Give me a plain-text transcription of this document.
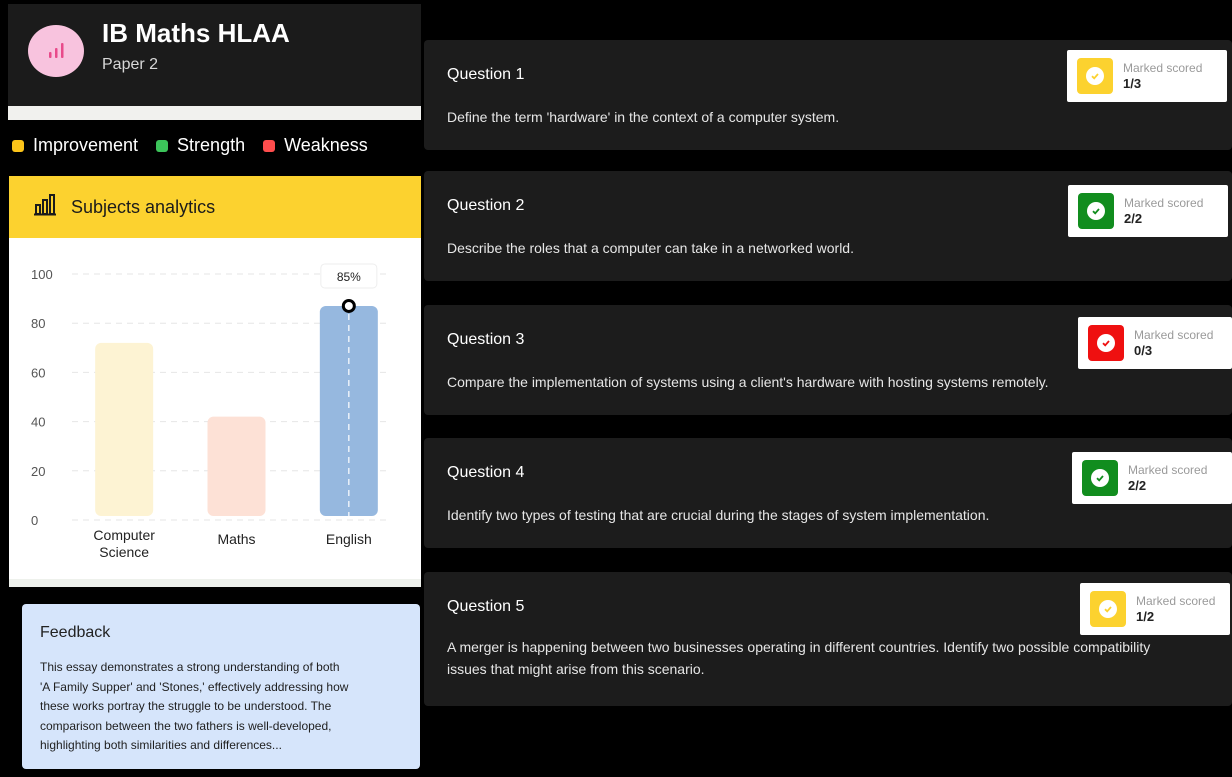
IB Maths HLAA
Paper 2
Improvement Strength Weakness
Subjects analytics
100
80
60
40
20
0
Computer
Science
Maths	English
85%
Feedback
This essay demonstrates a strong understanding of both
'A Family Supper' and 'Stones,' effectively addressing how
these works portray the struggle to be understood. The
comparison between the two fathers is well-developed,
highlighting both similarities and differences...
Question 1
Define the term 'hardware' in the context of a computer system.
Marked scored
1/3
Question 2
Describe the roles that a computer can take in a networked world.
Marked scored
2/2
Question 3
Compare the implementation of systems using a client's hardware with hosting systems remotely.
Marked scored
0/3
Question 4
Identify two types of testing that are crucial during the stages of system implementation.
Marked scored
2/2
Question 5
A merger is happening between two businesses operating in different countries. Identify two possible compatibility issues that might arise from this scenario.
Marked scored
1/2
